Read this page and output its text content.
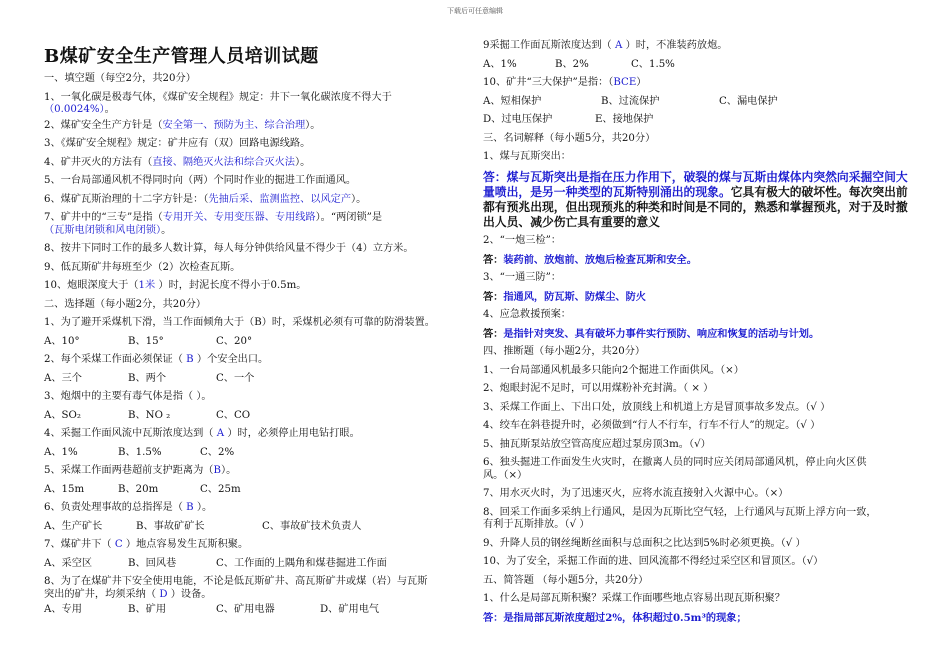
下载后可任意编辑
B煤矿安全生产管理人员培训试题
一、填空题（每空2分，共20分）
1、一氧化碳是极毒气体，《煤矿安全规程》规定：井下一氧化碳浓度不得大于
（0.0024%）。
2、煤矿安全生产方针是（安全第一、预防为主、综合治理）。
3、《煤矿安全规程》规定：矿井应有（双）回路电源线路。
4、矿井灭火的方法有（直接、隔绝灭火法和综合灭火法）。
5、一台局部通风机不得同时向（两）个同时作业的掘进工作面通风。
6、煤矿瓦斯治理的十二字方针是：（先抽后采、监测监控、以风定产）。
7、矿井中的“三专”是指（专用开关、专用变压器、专用线路）。“两闭锁”是
（瓦斯电闭锁和风电闭锁）。
8、按井下同时工作的最多人数计算，每人每分钟供给风量不得少于（4）立方米。
9、低瓦斯矿井每班至少（2）次检查瓦斯。
10、炮眼深度大于（1米 ）时，封泥长度不得小于0.5m。
二、选择题（每小题2分，共20分）
1、为了避开采煤机下滑，当工作面倾角大于（B）时，采煤机必须有可靠的防滑装置。
A、10°	B、15°	C、20°
2、每个采煤工作面必须保证（ B ）个安全出口。
A、三个	B、两个	C、一个
3、炮烟中的主要有毒气体是指（ ）。
A、SO₂	B、NO ₂	C、CO
4、采掘工作面风流中瓦斯浓度达到（ A ）时，必须停止用电钻打眼。
A、1%	B、1.5%	C、2%
5、采煤工作面两巷超前支护距离为（B）。
A、15m	B、20m	C、25m
6、负责处理事故的总指挥是（ B ）。
A、生产矿长	B、事故矿矿长	C、事故矿技术负责人
7、煤矿井下（ C ）地点容易发生瓦斯积聚。
A、采空区	B、回风巷	C、工作面的上隅角和煤巷掘进工作面
8、为了在煤矿井下安全使用电能，不论是低瓦斯矿井、高瓦斯矿井或煤（岩）与瓦斯
突出的矿井，均须采纳（ D ）设备。
A、专用	B、矿用	C、矿用电器	D、矿用电气
9采掘工作面瓦斯浓度达到（ A ）时，不准装药放炮。
A、1%	B、2%	C、1.5%
10、矿井“三大保护”是指：（BCE）
A、短相保护	B、过流保护	C、漏电保护
D、过电压保护	E、接地保护
三、名词解释（每小题5分，共20分）
1、煤与瓦斯突出：
答：煤与瓦斯突出是指在压力作用下，破裂的煤与瓦斯由煤体内突然向采掘空间大量喷出，是另一种类型的瓦斯特别涌出的现象。它具有极大的破坏性。每次突出前都有预兆出现，但出现预兆的种类和时间是不同的，熟悉和掌握预兆，对于及时撤出人员、减少伤亡具有重要的意义
2、“一炮三检”：
答：装药前、放炮前、放炮后检查瓦斯和安全。
3、“一通三防”：
答：指通风，防瓦斯、防煤尘、防火
4、应急救援预案：
答：是指针对突发、具有破坏力事件实行预防、响应和恢复的活动与计划。
四、推断题（每小题2分，共20分）
1、一台局部通风机最多只能向2个掘进工作面供风。（×）
2、炮眼封泥不足时，可以用煤粉补充封满。（ × ）
3、采煤工作面上、下出口处，放顶线上和机道上方是冒顶事故多发点。（√ ）
4、绞车在斜巷提升时，必须做到“行人不行车，行车不行人”的规定。（√ ）
5、抽瓦斯泵站放空管高度应超过泵房顶3m。（√）
6、独头掘进工作面发生火灾时，在撤离人员的同时应关闭局部通风机，停止向火区供
风。（×）
7、用水灭火时，为了迅速灭火，应将水流直接射入火源中心。（×）
8、回采工作面多采纳上行通风，是因为瓦斯比空气轻，上行通风与瓦斯上浮方向一致，
有利于瓦斯排放。（√ ）
9、升降人员的钢丝绳断丝面积与总面积之比达到5%时必须更换。（√ ）
10、为了安全，采掘工作面的进、回风流都不得经过采空区和冒顶区。（√）
五、简答题 （每小题5分，共20分）
1、什么是局部瓦斯积聚？采煤工作面哪些地点容易出现瓦斯积聚？
答：是指局部瓦斯浓度超过2%，体积超过0.5m³的现象；
